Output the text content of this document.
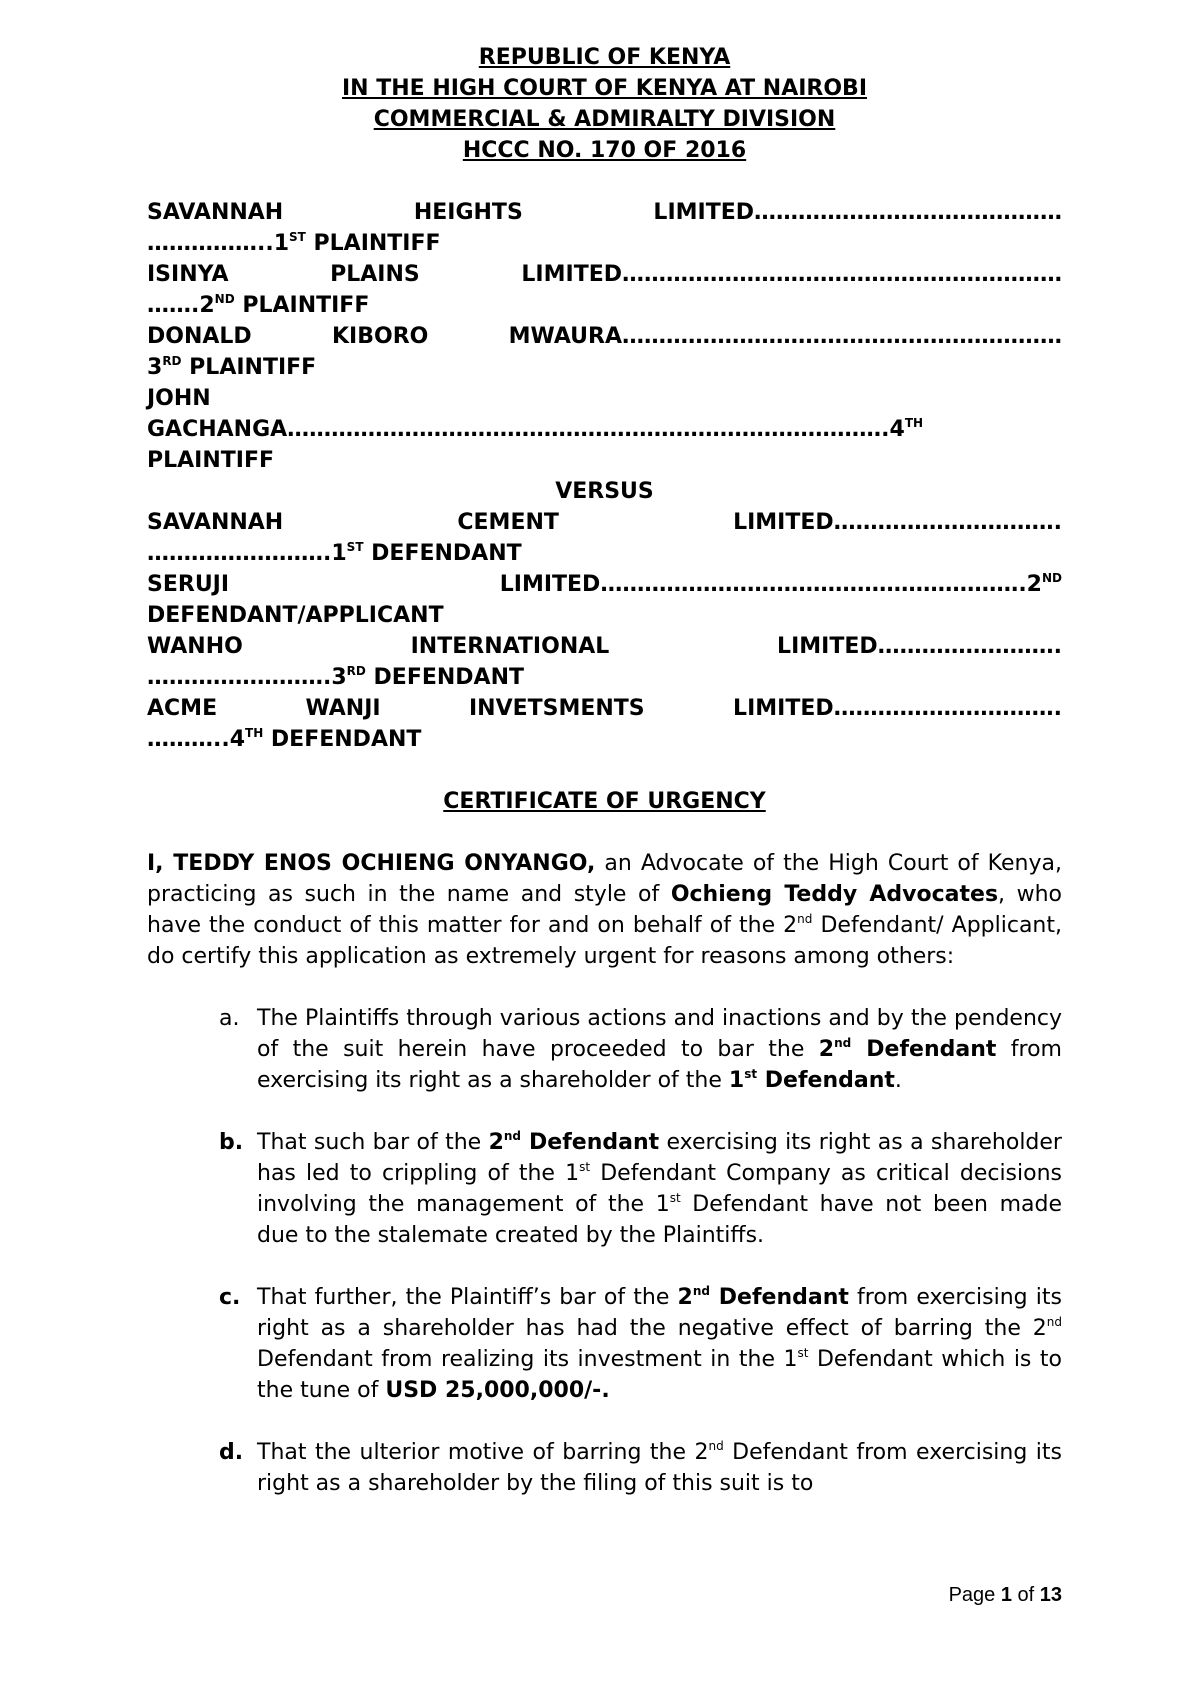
REPUBLIC OF KENYA

IN THE HIGH COURT OF KENYA AT NAIROBI

COMMERCIAL & ADMIRALTY DIVISION

HCCC NO. 170 OF 2016

SAVANNAH HEIGHTS LIMITED……………………………………
……………..1ST PLAINTIFF
ISINYA PLAINS LIMITED……………………………………………………
…….2ND PLAINTIFF
DONALD KIBORO MWAURA……………………………………………………
3RD PLAINTIFF
JOHN
GACHANGA……………………………………………………………………….4TH
PLAINTIFF
VERSUS
SAVANNAH CEMENT LIMITED………………………….
…………………….1ST DEFENDANT
SERUJI LIMITED………………………………………………….2ND
DEFENDANT/APPLICANT
WANHO INTERNATIONAL LIMITED…………………….
…………………….3RD DEFENDANT
ACME WANJI INVETSMENTS LIMITED………………………….
………..4TH DEFENDANT
CERTIFICATE OF URGENCY

I, TEDDY ENOS OCHIENG ONYANGO, an Advocate of the High Court of Kenya, practicing as such in the name and style of Ochieng Teddy Advocates, who have the conduct of this matter for and on behalf of the 2nd Defendant/ Applicant, do certify this application as extremely urgent for reasons among others:

a. The Plaintiffs through various actions and inactions and by the pendency of the suit herein have proceeded to bar the 2nd Defendant from exercising its right as a shareholder of the 1st Defendant.
b. That such bar of the 2nd Defendant exercising its right as a shareholder has led to crippling of the 1st Defendant Company as critical decisions involving the management of the 1st Defendant have not been made due to the stalemate created by the Plaintiffs.
c. That further, the Plaintiff’s bar of the 2nd Defendant from exercising its right as a shareholder has had the negative effect of barring the 2nd Defendant from realizing its investment in the 1st Defendant which is to the tune of USD 25,000,000/-.
d. That the ulterior motive of barring the 2nd Defendant from exercising its right as a shareholder by the filing of this suit is to
Page 1 of 13
